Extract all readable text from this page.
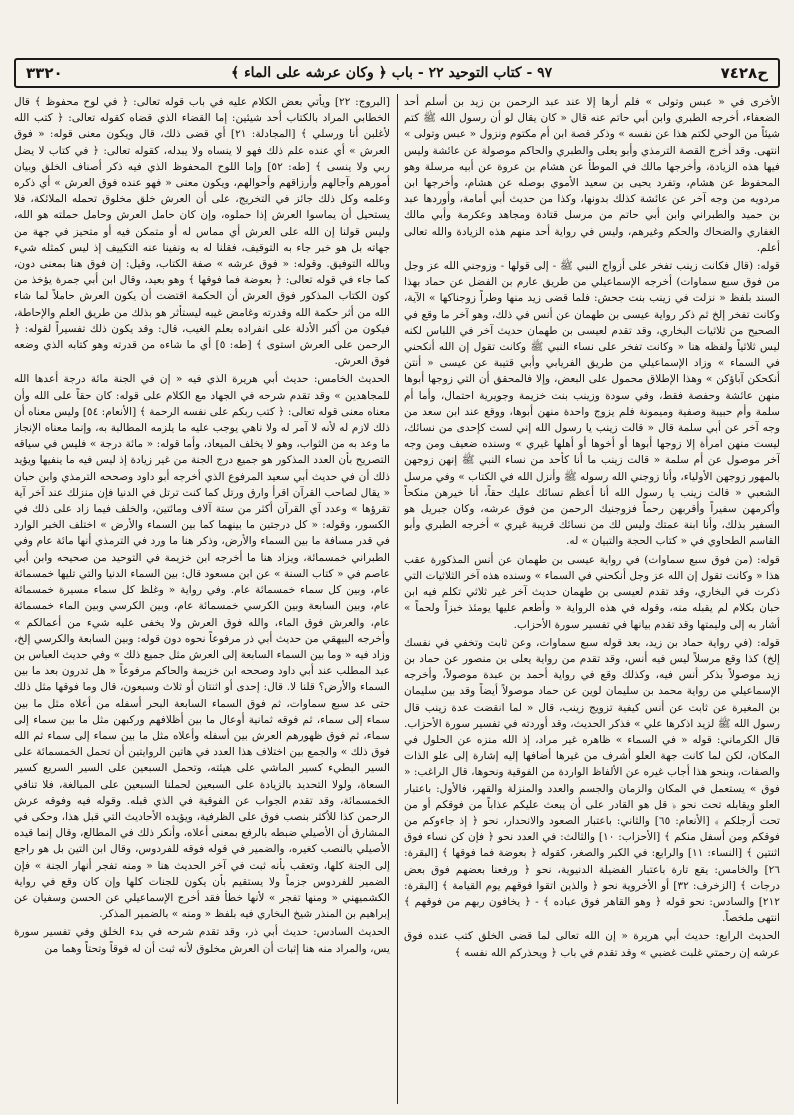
ح٧٤٢٨
٩٧ - كتاب التوحيد ٢٢ - باب ﴿ وكان عرشه على الماء ﴾
٣٣٢٠

الأخرى في « عبس وتولى » فلم أرها إلا عند عبد الرحمن بن زيد بن أسلم أحد الضعفاء، أخرجه الطبري وابن أبي حاتم عنه قال « كان يقال لو أن رسول الله ﷺ كتم شيئاً من الوحي لكتم هذا عن نفسه » وذكر قصة ابن أم مكتوم ونزول « عبس وتولى » انتهى. وقد أخرج القصة الترمذي وأبو يعلى والطبري والحاكم موصولة عن عائشة وليس فيها هذه الزيادة، وأخرجها مالك في الموطأ عن هشام بن عروة عن أبيه مرسلة وهو المحفوظ عن هشام، وتفرد يحيى بن سعيد الأموي بوصله عن هشام، وأخرجها ابن مردويه من وجه آخر عن عائشة كذلك بدونها، وكذا من حديث أبي أمامة، وأوردها عبد بن حميد والطبراني وابن أبي حاتم من مرسل قتادة ومجاهد وعكرمة وأبي مالك الغفاري والضحاك والحكم وغيرهم، وليس في رواية أحد منهم هذه الزيادة والله تعالى أعلم.

قوله: (قال فكانت زينب تفخر على أزواج النبي ﷺ - إلى قولها - وزوجني الله عز وجل من فوق سبع سماوات) أخرجه الإسماعيلي من طريق عارم بن الفضل عن حماد بهذا السند بلفظ « نزلت في زينب بنت جحش: فلما قضى زيد منها وطراً زوجناكها » الآية، وكانت تفخر إلخ ثم ذكر رواية عيسى بن طهمان عن أنس في ذلك، وهو آخر ما وقع في الصحيح من ثلاثيات البخاري، وقد تقدم لعيسى بن طهمان حديث آخر في اللباس لكنه ليس ثلاثياً ولفظه هنا « وكانت تفخر على نساء النبي ﷺ وكانت تقول إن الله أنكحني في السماء » وزاد الإسماعيلي من طريق الفريابي وأبي قتيبة عن عيسى « أنتن أنكحكن آباؤكن » وهذا الإطلاق محمول على البعض، وإلا فالمحقق أن التي زوجها أبوها منهن عائشة وحفصة فقط، وفي سودة وزينب بنت خزيمة وجويرية احتمال، وأما أم سلمة وأم حبيبة وصفية وميمونة فلم يزوج واحدة منهن أبوها، ووقع عند ابن سعد من وجه آخر عن أبي سلمة قال « قالت زينب يا رسول الله إني لست كإحدى من نسائك، ليست منهن امرأة إلا زوجها أبوها أو أخوها أو أهلها غيري » وسنده ضعيف ومن وجه آخر موصول عن أم سلمة « قالت زينب ما أنا كأحد من نساء النبي ﷺ إنهن زوجهن بالمهور زوجهن الأولياء، وأنا زوجني الله رسوله ﷺ وأنزل الله في الكتاب » وفي مرسل الشعبي « قالت زينب يا رسول الله أنا أعظم نسائك عليك حقاً، أنا خيرهن منكحاً وأكرمهن سفيراً وأقربهن رحماً فزوجنيك الرحمن من فوق عرشه، وكان جبريل هو السفير بذلك، وأنا ابنة عمتك وليس لك من نسائك قريبة غيري » أخرجه الطبري وأبو القاسم الطحاوي في « كتاب الحجة والتبيان » له.

قوله: (من فوق سبع سماوات) في رواية عيسى بن طهمان عن أنس المذكورة عقب هذا « وكانت تقول إن الله عز وجل أنكحني في السماء » وسنده هذه آخر الثلاثيات التي ذكرت في البخاري، وقد تقدم لعيسى بن طهمان حديث آخر غير ثلاثي تكلم فيه ابن حبان بكلام لم يقبله منه، وقوله في هذه الرواية « وأطعم عليها يومئذ خبزاً ولحماً » أشار به إلى وليمتها وقد تقدم بيانها في تفسير سورة الأحزاب.

قوله: (في رواية حماد بن زيد، بعد قوله سبع سماوات، وعن ثابت وتخفي في نفسك إلخ) كذا وقع مرسلاً ليس فيه أنس، وقد تقدم من رواية يعلى بن منصور عن حماد بن زيد موصولاً بذكر أنس فيه، وكذلك وقع في رواية أحمد بن عبدة موصولاً، وأخرجه الإسماعيلي من رواية محمد بن سليمان لوين عن حماد موصولاً أيضاً وقد بين سليمان بن المغيرة عن ثابت عن أنس كيفية تزويج زينب، قال « لما انقضت عدة زينب قال رسول الله ﷺ لزيد اذكرها علي » فذكر الحديث، وقد أوردته في تفسير سورة الأحزاب. قال الكرماني: قوله « في السماء » ظاهره غير مراد، إذ الله منزه عن الحلول في المكان، لكن لما كانت جهة العلو أشرف من غيرها أضافها إليه إشارة إلى علو الذات والصفات، وبنحو هذا أجاب غيره عن الألفاظ الواردة من الفوقية ونحوها، قال الراغب: « فوق » يستعمل في المكان والزمان والجسم والعدد والمنزلة والقهر، فالأول: باعتبار العلو ويقابله تحت نحو ﴿ قل هو القادر على أن يبعث عليكم عذاباً من فوقكم أو من تحت أرجلكم ﴾ [الأنعام: ٦٥] والثاني: باعتبار الصعود والانحدار، نحو ﴿ إذ جاءوكم من فوقكم ومن أسفل منكم ﴾ [الأحزاب: ١٠] والثالث: في العدد نحو ﴿ فإن كن نساء فوق اثنتين ﴾ [النساء: ١١] والرابع: في الكبر والصغر، كقوله ﴿ بعوضة فما فوقها ﴾ [البقرة: ٢٦] والخامس: يقع تارة باعتبار الفضيلة الدنيوية، نحو ﴿ ورفعنا بعضهم فوق بعض درجات ﴾ [الزخرف: ٣٢] أو الأخروية نحو ﴿ والذين اتقوا فوقهم يوم القيامة ﴾ [البقرة: ٢١٢] والسادس: نحو قوله ﴿ وهو القاهر فوق عباده ﴾ - ﴿ يخافون ربهم من فوقهم ﴾ انتهى ملخصاً.

الحديث الرابع: حديث أبي هريرة « إن الله تعالى لما قضى الخلق كتب عنده فوق عرشه إن رحمتي غلبت غضبي » وقد تقدم في باب ﴿ ويحذركم الله نفسه ﴾

[البروج: ٢٢] ويأتي بعض الكلام عليه في باب قوله تعالى: ﴿ في لوح محفوظ ﴾ قال الخطابي المراد بالكتاب أحد شيئين: إما القضاء الذي قضاه كقوله تعالى: ﴿ كتب الله لأغلبن أنا ورسلي ﴾ [المجادلة: ٢١] أي قضى ذلك، قال ويكون معنى قوله: « فوق العرش » أي عنده علم ذلك فهو لا ينساه ولا يبدله، كقوله تعالى: ﴿ في كتاب لا يضل ربي ولا ينسى ﴾ [طه: ٥٢] وإما اللوح المحفوظ الذي فيه ذكر أصناف الخلق وبيان أمورهم وآجالهم وأرزاقهم وأحوالهم، ويكون معنى « فهو عنده فوق العرش » أي ذكره وعلمه وكل ذلك جائز في التخريج، على أن العرش خلق مخلوق تحمله الملائكة، فلا يستحيل أن يماسوا العرش إذا حملوه، وإن كان حامل العرش وحامل حملته هو الله، وليس قولنا إن الله على العرش أي مماس له أو متمكن فيه أو متحيز في جهة من جهاته بل هو خبر جاء به التوقيف، فقلنا له به ونفينا عنه التكييف إذ ليس كمثله شيء وبالله التوفيق. وقوله: « فوق عرشه » صفة الكتاب، وقيل: إن فوق هنا بمعنى دون، كما جاء في قوله تعالى: ﴿ بعوضة فما فوقها ﴾ وهو بعيد، وقال ابن أبي جمرة يؤخذ من كون الكتاب المذكور فوق العرش أن الحكمة اقتضت أن يكون العرش حاملاً لما شاء الله من أثر حكمة الله وقدرته وغامض غيبه ليستأثر هو بذلك من طريق العلم والإحاطة، فيكون من أكبر الأدلة على انفراده بعلم الغيب، قال: وقد يكون ذلك تفسيراً لقوله: ﴿ الرحمن على العرش استوى ﴾ [طه: ٥] أي ما شاءه من قدرته وهو كتابه الذي وضعه فوق العرش.

الحديث الخامس: حديث أبي هريرة الذي فيه « إن في الجنة مائة درجة أعدها الله للمجاهدين » وقد تقدم شرحه في الجهاد مع الكلام على قوله: كان حقاً على الله وأن معناه معنى قوله تعالى: ﴿ كتب ربكم على نفسه الرحمة ﴾ [الأنعام: ٥٤] وليس معناه أن ذلك لازم له لأنه لا آمر له ولا ناهي يوجب عليه ما يلزمه المطالبة به، وإنما معناه الإنجاز ما وعد به من الثواب، وهو لا يخلف الميعاد، وأما قوله: « مائة درجة » فليس في سياقه التصريح بأن العدد المذكور هو جميع درج الجنة من غير زيادة إذ ليس فيه ما ينفيها ويؤيد ذلك أن في حديث أبي سعيد المرفوع الذي أخرجه أبو داود وصححه الترمذي وابن حبان « يقال لصاحب القرآن اقرأ وارق ورتل كما كنت ترتل في الدنيا فإن منزلك عند آخر آية تقرؤها » وعدد آي القرآن أكثر من ستة آلاف ومائتين، والخلف فيما زاد على ذلك في الكسور، وقوله: « كل درجتين ما بينهما كما بين السماء والأرض » اختلف الخبر الوارد في قدر مسافة ما بين السماء والأرض، وذكر هنا ما ورد في الترمذي أنها مائة عام وفي الطبراني خمسمائة، ويزاد هنا ما أخرجه ابن خزيمة في التوحيد من صحيحه وابن أبي عاصم في « كتاب السنة » عن ابن مسعود قال: بين السماء الدنيا والتي تليها خمسمائة عام، وبين كل سماء خمسمائة عام. وفي رواية « وغلظ كل سماء مسيرة خمسمائة عام، وبين السابعة وبين الكرسي خمسمائة عام، وبين الكرسي وبين الماء خمسمائة عام، والعرش فوق الماء، والله فوق العرش ولا يخفى عليه شيء من أعمالكم » وأخرجه البيهقي من حديث أبي ذر مرفوعاً نحوه دون قوله: وبين السابعة والكرسي إلخ، وزاد فيه « وما بين السماء السابعة إلى العرش مثل جميع ذلك » وفي حديث العباس بن عبد المطلب عند أبي داود وصححه ابن خزيمة والحاكم مرفوعاً « هل تدرون بعد ما بين السماء والأرض؟ قلنا لا. قال: إحدى أو اثنتان أو ثلاث وسبعون، قال وما فوقها مثل ذلك حتى عد سبع سماوات، ثم فوق السماء السابعة البحر أسفله من أعلاه مثل ما بين سماء إلى سماء، ثم فوقه ثمانية أوعال ما بين أظلافهم وركبهن مثل ما بين سماء إلى سماء، ثم فوق ظهورهم العرش بين أسفله وأعلاه مثل ما بين سماء إلى سماء ثم الله فوق ذلك » والجمع بين اختلاف هذا العدد في هاتين الروايتين أن تحمل الخمسمائة على السير البطيء كسير الماشي على هيئته، وتحمل السبعين على السير السريع كسير السعاة، ولولا التحديد بالزيادة على السبعين لحملنا السبعين على المبالغة، فلا تنافي الخمسمائة، وقد تقدم الجواب عن الفوقية في الذي قبله. وقوله فيه وفوقه عرش الرحمن كذا للأكثر بنصب فوق على الظرفية، ويؤيده الأحاديث التي قبل هذا، وحكى في المشارق أن الأصيلي ضبطه بالرفع بمعنى أعلاه، وأنكر ذلك في المطالع، وقال إنما قيده الأصيلي بالنصب كغيره، والضمير في قوله فوقه للفردوس، وقال ابن التين بل هو راجع إلى الجنة كلها، وتعقب بأنه ثبت في آخر الحديث هنا « ومنه تفجر أنهار الجنة » فإن الضمير للفردوس جزماً ولا يستقيم بأن يكون للجنات كلها وإن كان وقع في رواية الكشميهني « ومنها تفجر » لأنها خطأ فقد أخرج الإسماعيلي عن الحسن وسفيان عن إبراهيم بن المنذر شيخ البخاري فيه بلفظ « ومنه » بالضمير المذكر.

الحديث السادس: حديث أبي ذر، وقد تقدم شرحه في بدء الخلق وفي تفسير سورة يس، والمراد منه هنا إثبات أن العرش مخلوق لأنه ثبت أن له فوقاً وتحتاً وهما من
